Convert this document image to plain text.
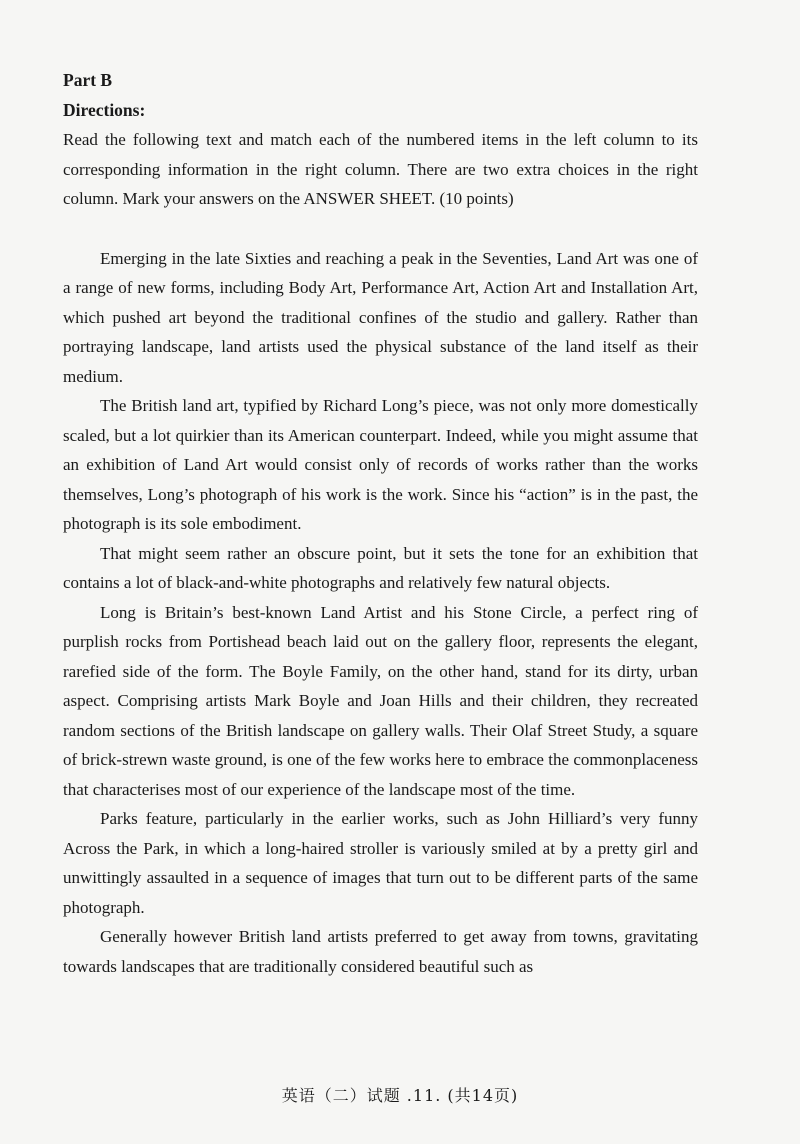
Part B
Directions:
Read the following text and match each of the numbered items in the left column to its corresponding information in the right column. There are two extra choices in the right column. Mark your answers on the ANSWER SHEET. (10 points)

Emerging in the late Sixties and reaching a peak in the Seventies, Land Art was one of a range of new forms, including Body Art, Performance Art, Action Art and Installation Art, which pushed art beyond the traditional confines of the studio and gallery. Rather than portraying landscape, land artists used the physical substance of the land itself as their medium.

The British land art, typified by Richard Long’s piece, was not only more domestically scaled, but a lot quirkier than its American counterpart. Indeed, while you might assume that an exhibition of Land Art would consist only of records of works rather than the works themselves, Long’s photograph of his work is the work. Since his “action” is in the past, the photograph is its sole embodiment.

That might seem rather an obscure point, but it sets the tone for an exhibition that contains a lot of black-and-white photographs and relatively few natural objects.

Long is Britain’s best-known Land Artist and his Stone Circle, a perfect ring of purplish rocks from Portishead beach laid out on the gallery floor, represents the elegant, rarefied side of the form. The Boyle Family, on the other hand, stand for its dirty, urban aspect. Comprising artists Mark Boyle and Joan Hills and their children, they recreated random sections of the British landscape on gallery walls. Their Olaf Street Study, a square of brick-strewn waste ground, is one of the few works here to embrace the commonplaceness that characterises most of our experience of the landscape most of the time.

Parks feature, particularly in the earlier works, such as John Hilliard’s very funny Across the Park, in which a long-haired stroller is variously smiled at by a pretty girl and unwittingly assaulted in a sequence of images that turn out to be different parts of the same photograph.

Generally however British land artists preferred to get away from towns, gravitating towards landscapes that are traditionally considered beautiful such as

英语（二）试题 .11. (共14页)
